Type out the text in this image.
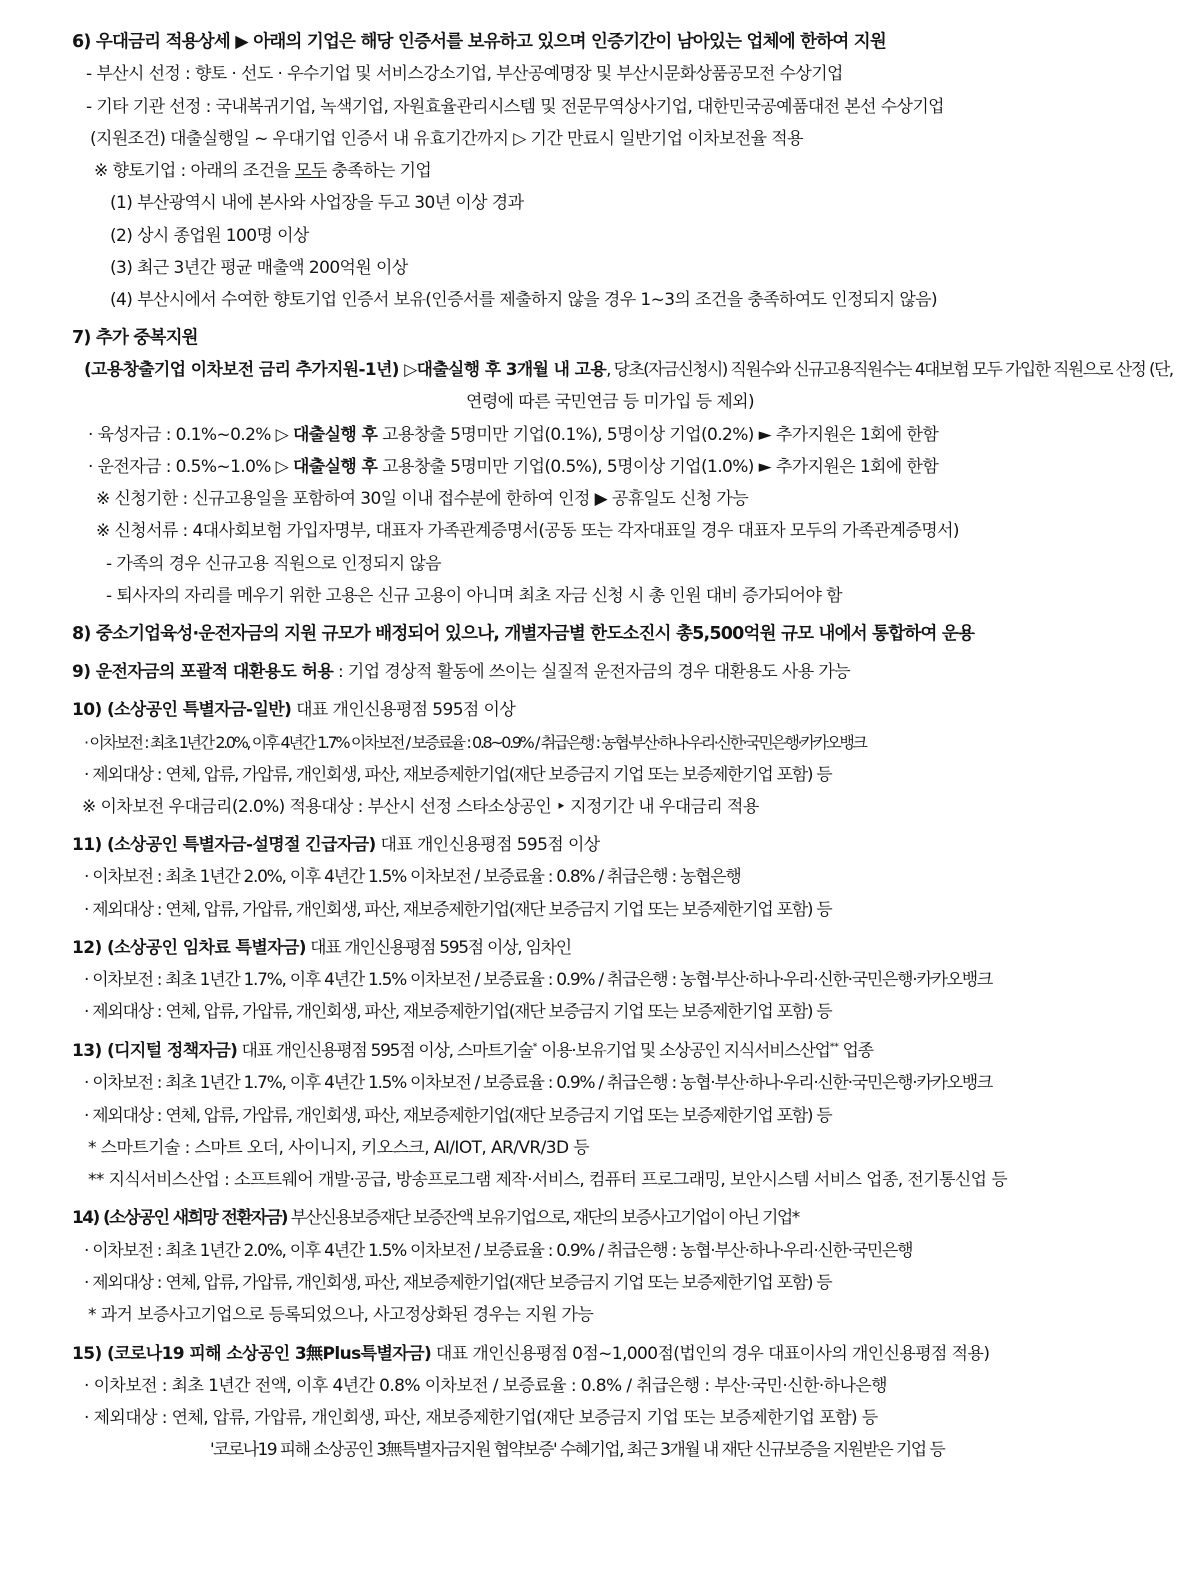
6) 우대금리 적용상세 ▶ 아래의 기업은 해당 인증서를 보유하고 있으며 인증기간이 남아있는 업체에 한하여 지원
- 부산시 선정 : 향토 · 선도 · 우수기업 및 서비스강소기업, 부산공예명장 및 부산시문화상품공모전 수상기업
- 기타 기관 선정 : 국내복귀기업, 녹색기업, 자원효율관리시스템 및 전문무역상사기업, 대한민국공예품대전 본선 수상기업
(지원조건) 대출실행일 ~ 우대기업 인증서 내 유효기간까지 ▷ 기간 만료시 일반기업 이차보전율 적용
※ 향토기업 : 아래의 조건을 모두 충족하는 기업
(1) 부산광역시 내에 본사와 사업장을 두고 30년 이상 경과
(2) 상시 종업원 100명 이상
(3) 최근 3년간 평균 매출액 200억원 이상
(4) 부산시에서 수여한 향토기업 인증서 보유(인증서를 제출하지 않을 경우 1~3의 조건을 충족하여도 인정되지 않음)
7) 추가 중복지원
(고용창출기업 이차보전 금리 추가지원-1년) ▷대출실행 후 3개월 내 고용, 당초(자금신청시) 직원수와 신규고용직원수는 4대보험 모두 가입한 직원으로 산정 (단,
연령에 따른 국민연금 등 미가입 등 제외)
· 육성자금 : 0.1%~0.2% ▷ 대출실행 후 고용창출 5명미만 기업(0.1%), 5명이상 기업(0.2%) ► 추가지원은 1회에 한함
· 운전자금 : 0.5%~1.0% ▷ 대출실행 후 고용창출 5명미만 기업(0.5%), 5명이상 기업(1.0%) ► 추가지원은 1회에 한함
※ 신청기한 : 신규고용일을 포함하여 30일 이내 접수분에 한하여 인정 ▶ 공휴일도 신청 가능
※ 신청서류 : 4대사회보험 가입자명부, 대표자 가족관계증명서(공동 또는 각자대표일 경우 대표자 모두의 가족관계증명서)
- 가족의 경우 신규고용 직원으로 인정되지 않음
- 퇴사자의 자리를 메우기 위한 고용은 신규 고용이 아니며 최초 자금 신청 시 총 인원 대비 증가되어야 함
8) 중소기업육성·운전자금의 지원 규모가 배정되어 있으나, 개별자금별 한도소진시 총5,500억원 규모 내에서 통합하여 운용
9) 운전자금의 포괄적 대환용도 허용 : 기업 경상적 활동에 쓰이는 실질적 운전자금의 경우 대환용도 사용 가능
10) (소상공인 특별자금-일반) 대표 개인신용평점 595점 이상
· 이차보전 : 최초 1년간 2.0%, 이후 4년간 1.7% 이차보전 / 보증료율 : 0.8~0.9% / 취급은행 : 농협·부산·하나·우리·신한·국민은행·카카오뱅크
· 제외대상 : 연체, 압류, 가압류, 개인회생, 파산, 재보증제한기업(재단 보증금지 기업 또는 보증제한기업 포함) 등
※ 이차보전 우대금리(2.0%) 적용대상 : 부산시 선정 스타소상공인 ‣ 지정기간 내 우대금리 적용
11) (소상공인 특별자금-설명절 긴급자금) 대표 개인신용평점 595점 이상
· 이차보전 : 최초 1년간 2.0%, 이후 4년간 1.5% 이차보전 / 보증료율 : 0.8% / 취급은행 : 농협은행
· 제외대상 : 연체, 압류, 가압류, 개인회생, 파산, 재보증제한기업(재단 보증금지 기업 또는 보증제한기업 포함) 등
12) (소상공인 임차료 특별자금) 대표 개인신용평점 595점 이상, 임차인
· 이차보전 : 최초 1년간 1.7%, 이후 4년간 1.5% 이차보전 / 보증료율 : 0.9% / 취급은행 : 농협·부산·하나·우리·신한·국민은행·카카오뱅크
· 제외대상 : 연체, 압류, 가압류, 개인회생, 파산, 재보증제한기업(재단 보증금지 기업 또는 보증제한기업 포함) 등
13) (디지털 정책자금) 대표 개인신용평점 595점 이상, 스마트기술* 이용·보유기업 및 소상공인 지식서비스산업** 업종
· 이차보전 : 최초 1년간 1.7%, 이후 4년간 1.5% 이차보전 / 보증료율 : 0.9% / 취급은행 : 농협·부산·하나·우리·신한·국민은행·카카오뱅크
· 제외대상 : 연체, 압류, 가압류, 개인회생, 파산, 재보증제한기업(재단 보증금지 기업 또는 보증제한기업 포함) 등
* 스마트기술 : 스마트 오더, 사이니지, 키오스크, AI/IOT, AR/VR/3D 등
** 지식서비스산업 : 소프트웨어 개발·공급, 방송프로그램 제작·서비스, 컴퓨터 프로그래밍, 보안시스템 서비스 업종, 전기통신업 등
14) (소상공인 새희망 전환자금) 부산신용보증재단 보증잔액 보유기업으로, 재단의 보증사고기업이 아닌 기업*
· 이차보전 : 최초 1년간 2.0%, 이후 4년간 1.5% 이차보전 / 보증료율 : 0.9% / 취급은행 : 농협·부산·하나·우리·신한·국민은행
· 제외대상 : 연체, 압류, 가압류, 개인회생, 파산, 재보증제한기업(재단 보증금지 기업 또는 보증제한기업 포함) 등
* 과거 보증사고기업으로 등록되었으나, 사고정상화된 경우는 지원 가능
15) (코로나19 피해 소상공인 3無Plus특별자금) 대표 개인신용평점 0점~1,000점(법인의 경우 대표이사의 개인신용평점 적용)
· 이차보전 : 최초 1년간 전액, 이후 4년간 0.8% 이차보전 / 보증료율 : 0.8% / 취급은행 : 부산·국민·신한·하나은행
· 제외대상 : 연체, 압류, 가압류, 개인회생, 파산, 재보증제한기업(재단 보증금지 기업 또는 보증제한기업 포함) 등
'코로나19 피해 소상공인 3無특별자금지원 협약보증' 수혜기업, 최근 3개월 내 재단 신규보증을 지원받은 기업 등
